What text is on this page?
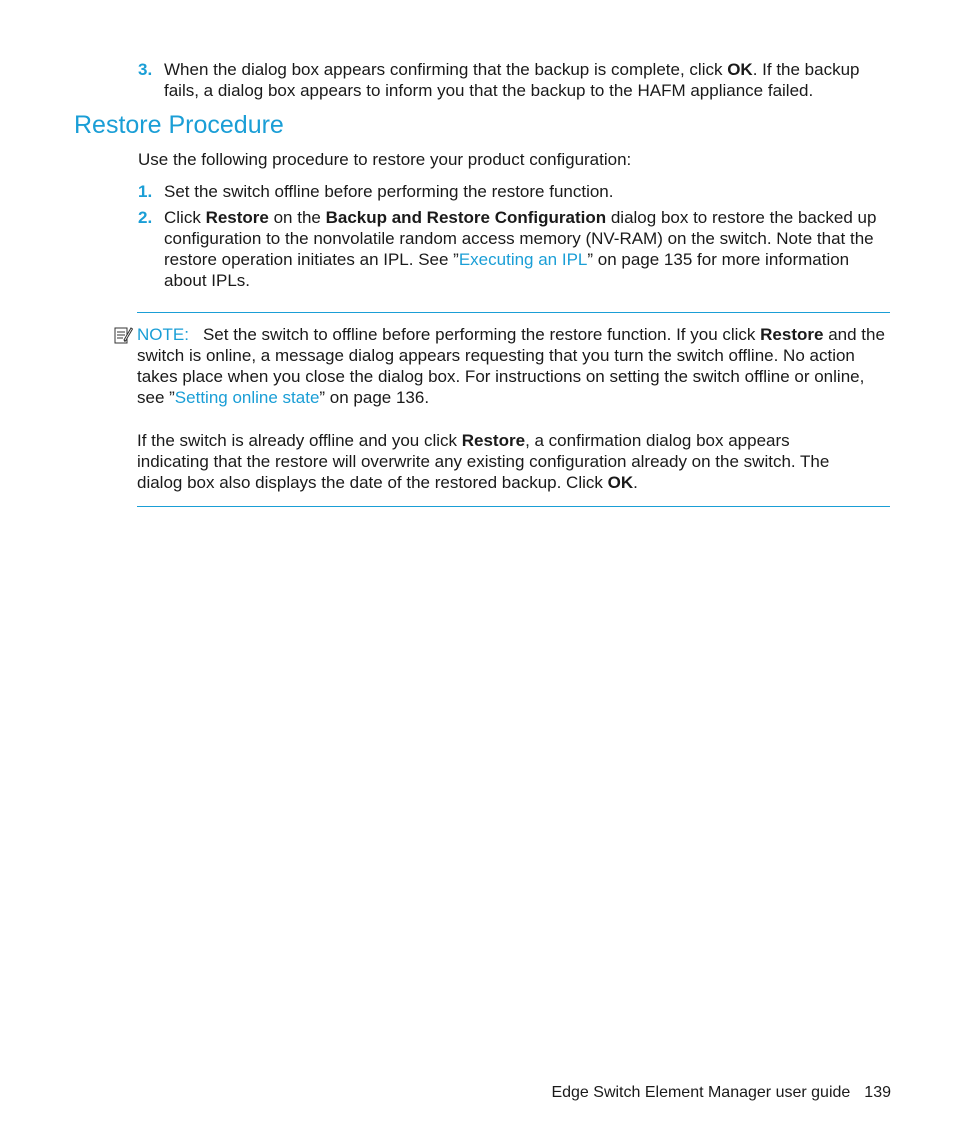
3. When the dialog box appears confirming that the backup is complete, click OK. If the backup fails, a dialog box appears to inform you that the backup to the HAFM appliance failed.
Restore Procedure
Use the following procedure to restore your product configuration:
1. Set the switch offline before performing the restore function.
2. Click Restore on the Backup and Restore Configuration dialog box to restore the backed up configuration to the nonvolatile random access memory (NV-RAM) on the switch. Note that the restore operation initiates an IPL. See ”Executing an IPL” on page 135 for more information about IPLs.
NOTE: Set the switch to offline before performing the restore function. If you click Restore and the switch is online, a message dialog appears requesting that you turn the switch offline. No action takes place when you close the dialog box. For instructions on setting the switch offline or online, see ”Setting online state” on page 136.
If the switch is already offline and you click Restore, a confirmation dialog box appears indicating that the restore will overwrite any existing configuration already on the switch. The dialog box also displays the date of the restored backup. Click OK.
Edge Switch Element Manager user guide 139
